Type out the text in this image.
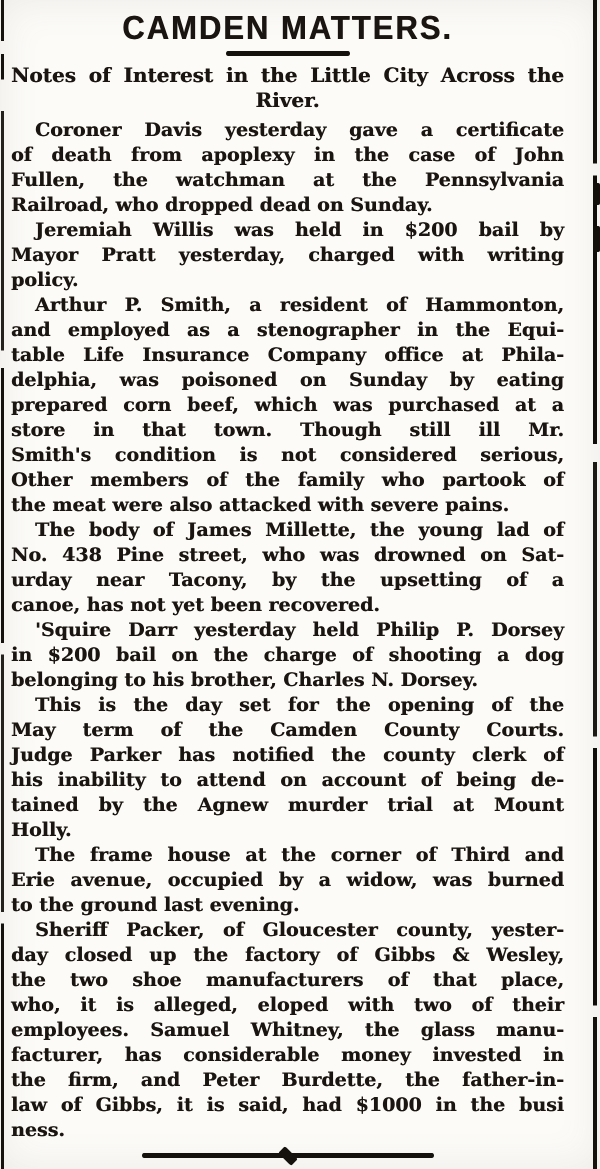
CAMDEN MATTERS.
Notes of Interest in the Little City Across the
River.
Coroner Davis yesterday gave a certificate
of death from apoplexy in the case of John
Fullen, the watchman at the Pennsylvania
Railroad, who dropped dead on Sunday.
Jeremiah Willis was held in $200 bail by
Mayor Pratt yesterday, charged with writing
policy.
Arthur P. Smith, a resident of Hammonton,
and employed as a stenographer in the Equi-
table Life Insurance Company office at Phila-
delphia, was poisoned on Sunday by eating
prepared corn beef, which was purchased at a
store in that town. Though still ill Mr.
Smith's condition is not considered serious,
Other members of the family who partook of
the meat were also attacked with severe pains.
The body of James Millette, the young lad of
No. 438 Pine street, who was drowned on Sat-
urday near Tacony, by the upsetting of a
canoe, has not yet been recovered.
'Squire Darr yesterday held Philip P. Dorsey
in $200 bail on the charge of shooting a dog
belonging to his brother, Charles N. Dorsey.
This is the day set for the opening of the
May term of the Camden County Courts.
Judge Parker has notified the county clerk of
his inability to attend on account of being de-
tained by the Agnew murder trial at Mount
Holly.
The frame house at the corner of Third and
Erie avenue, occupied by a widow, was burned
to the ground last evening.
Sheriff Packer, of Gloucester county, yester-
day closed up the factory of Gibbs & Wesley,
the two shoe manufacturers of that place,
who, it is alleged, eloped with two of their
employees. Samuel Whitney, the glass manu-
facturer, has considerable money invested in
the firm, and Peter Burdette, the father-in-
law of Gibbs, it is said, had $1000 in the busi
ness.
